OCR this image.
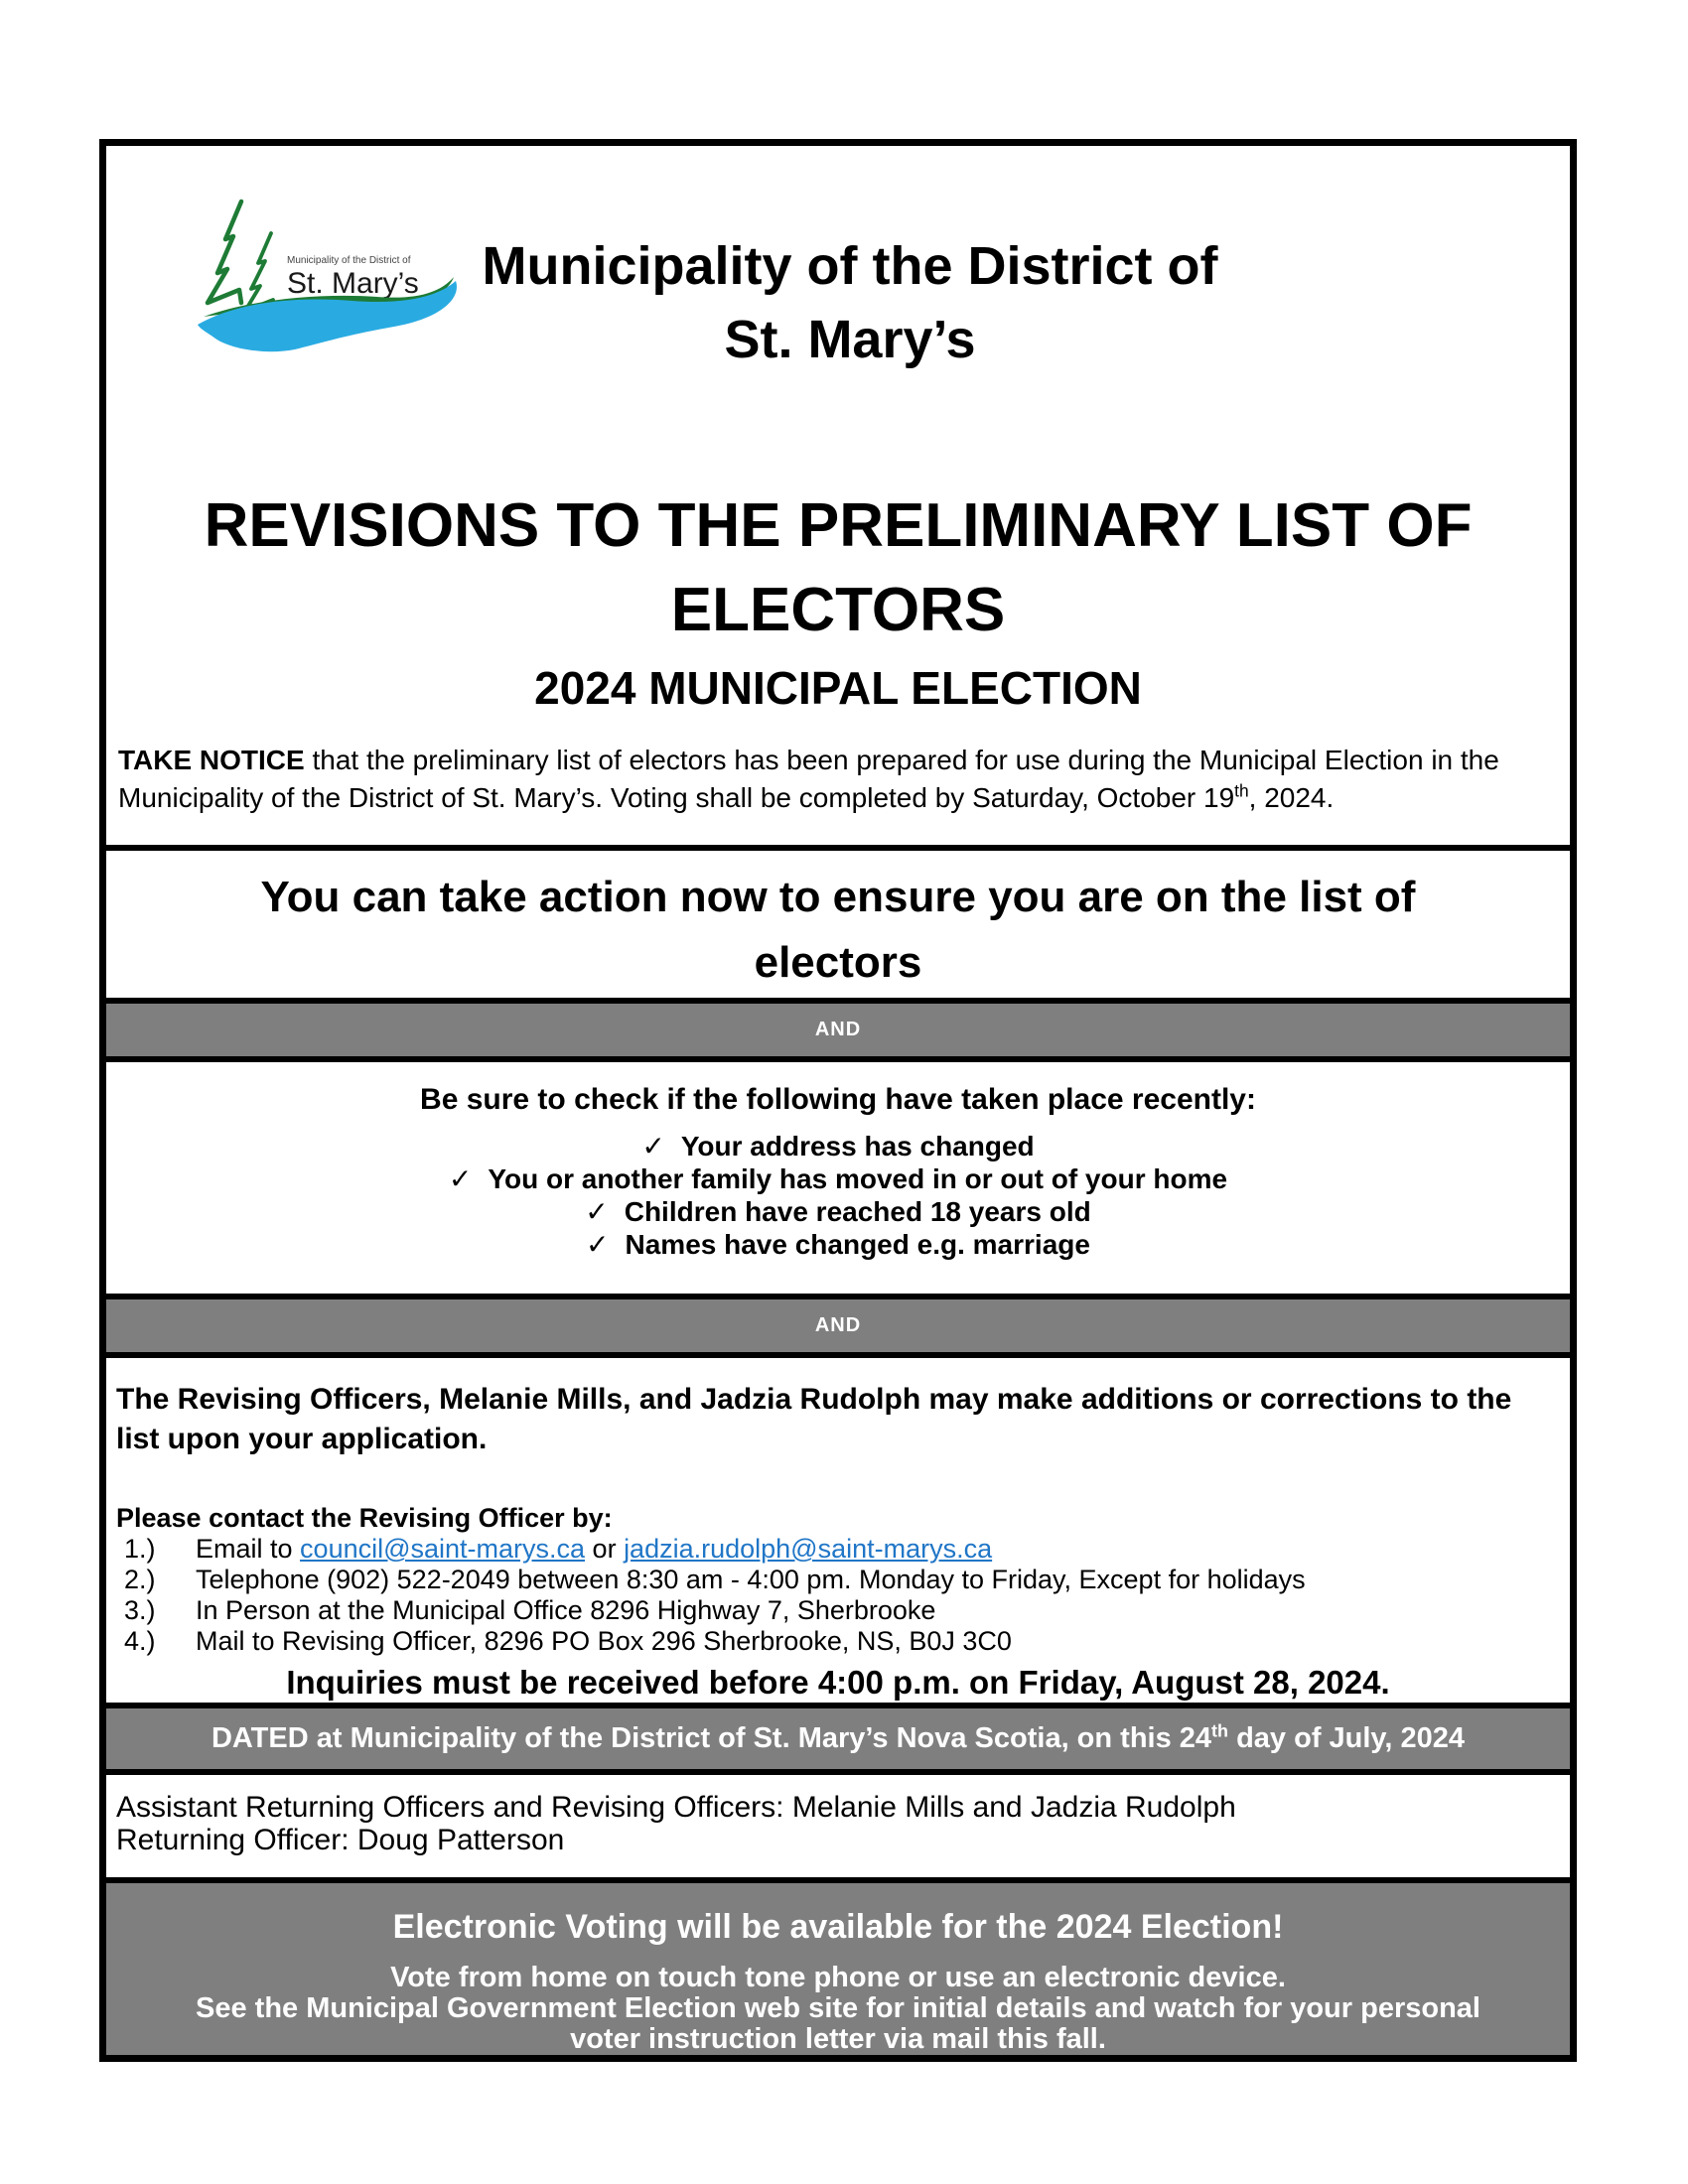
Municipality of the District of
St. Mary’s	Municipality of the District of
St. Mary’s
REVISIONS TO THE PRELIMINARY LIST OF
ELECTORS
2024 MUNICIPAL ELECTION

TAKE NOTICE that the preliminary list of electors has been prepared for use during the Municipal Election in the Municipality of the District of St. Mary’s. Voting shall be completed by Saturday, October 19th, 2024.

You can take action now to ensure you are on the list of electors
AND
Be sure to check if the following have taken place recently:
✓ Your address has changed
✓ You or another family has moved in or out of your home
✓ Children have reached 18 years old
✓ Names have changed e.g. marriage
AND
The Revising Officers, Melanie Mills, and Jadzia Rudolph may make additions or corrections to the list upon your application.
Please contact the Revising Officer by:
1.) Email to council@saint-marys.ca or jadzia.rudolph@saint-marys.ca
2.) Telephone (902) 522-2049 between 8:30 am - 4:00 pm. Monday to Friday, Except for holidays
3.) In Person at the Municipal Office 8296 Highway 7, Sherbrooke
4.) Mail to Revising Officer, 8296 PO Box 296 Sherbrooke, NS, B0J 3C0
Inquiries must be received before 4:00 p.m. on Friday, August 28, 2024.
DATED at Municipality of the District of St. Mary’s Nova Scotia, on this 24th day of July, 2024
Assistant Returning Officers and Revising Officers: Melanie Mills and Jadzia Rudolph
Returning Officer: Doug Patterson
Electronic Voting will be available for the 2024 Election!
Vote from home on touch tone phone or use an electronic device.
See the Municipal Government Election web site for initial details and watch for your personal voter instruction letter via mail this fall.
